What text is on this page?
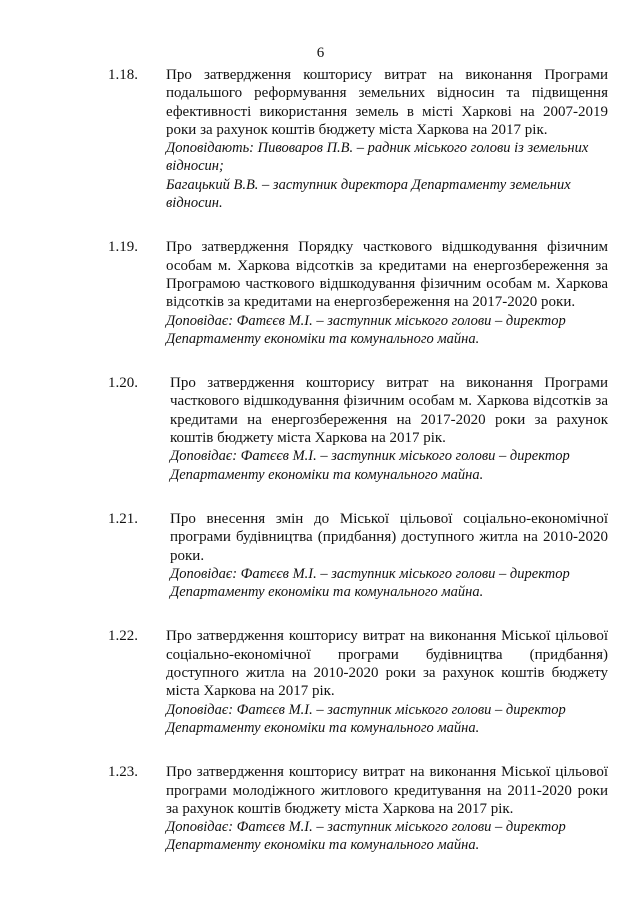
6
1.18.	Про затвердження кошторису витрат на виконання Програми подальшого реформування земельних відносин та підвищення ефективності використання земель в місті Харкові на 2007-2019 роки за рахунок коштів бюджету міста Харкова на 2017 рік.
Доповідають: Пивоваров П.В. – радник міського голови із земельних відносин;
Багацький В.В. – заступник директора Департаменту земельних відносин.
1.19.	Про затвердження Порядку часткового відшкодування фізичним особам м. Харкова відсотків за кредитами на енергозбереження за Програмою часткового відшкодування фізичним особам м. Харкова відсотків за кредитами на енергозбереження на 2017-2020 роки.
Доповідає: Фатєєв М.І. – заступник міського голови – директор Департаменту економіки та комунального майна.
1.20.	Про затвердження кошторису витрат на виконання Програми часткового відшкодування фізичним особам м. Харкова відсотків за кредитами на енергозбереження на 2017-2020 роки за рахунок коштів бюджету міста Харкова на 2017 рік.
Доповідає: Фатєєв М.І. – заступник міського голови – директор Департаменту економіки та комунального майна.
1.21.	Про внесення змін до Міської цільової соціально-економічної програми будівництва (придбання) доступного житла на 2010-2020 роки.
Доповідає: Фатєєв М.І. – заступник міського голови – директор Департаменту економіки та комунального майна.
1.22.	Про затвердження кошторису витрат на виконання Міської цільової соціально-економічної програми будівництва (придбання) доступного житла на 2010-2020 роки за рахунок коштів бюджету міста Харкова на 2017 рік.
Доповідає: Фатєєв М.І. – заступник міського голови – директор Департаменту економіки та комунального майна.
1.23.	Про затвердження кошторису витрат на виконання Міської цільової програми молодіжного житлового кредитування на 2011-2020 роки за рахунок коштів бюджету міста Харкова на 2017 рік.
Доповідає: Фатєєв М.І. – заступник міського голови – директор Департаменту економіки та комунального майна.
